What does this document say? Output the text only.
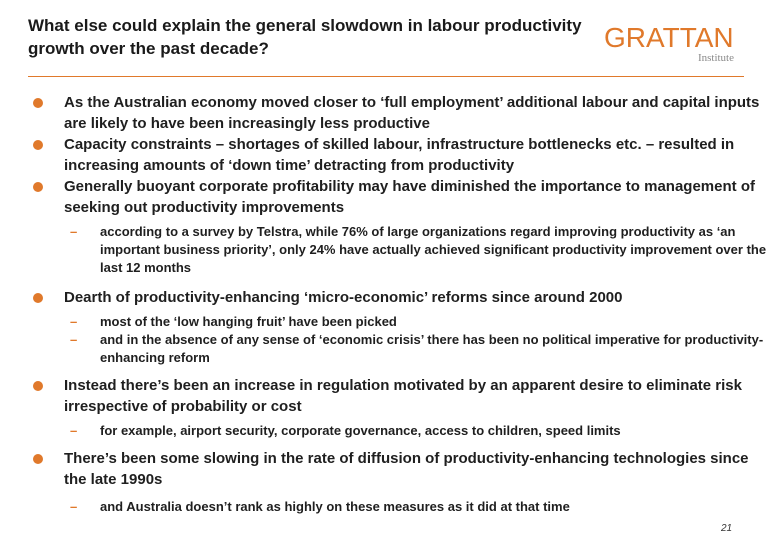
What else could explain the general slowdown in labour productivity growth over the past decade?	GRATTAN
Institute
As the Australian economy moved closer to ‘full employment’ additional labour and capital inputs are likely to have been increasingly less productive
Capacity constraints – shortages of skilled labour, infrastructure bottlenecks etc. – resulted in increasing amounts of ‘down time’ detracting from productivity
Generally buoyant corporate profitability may have diminished the importance to management of seeking out productivity improvements
– according to a survey by Telstra, while 76% of large organizations regard improving productivity as ‘an important business priority’, only 24% have actually achieved significant productivity improvement over the last 12 months
Dearth of productivity-enhancing ‘micro-economic’ reforms since around 2000
– most of the ‘low hanging fruit’ have been picked
– and in the absence of any sense of ‘economic crisis’ there has been no political imperative for productivity-enhancing reform
Instead there’s been an increase in regulation motivated by an apparent desire to eliminate risk irrespective of probability or cost
– for example, airport security, corporate governance, access to children, speed limits
There’s been some slowing in the rate of diffusion of productivity-enhancing technologies since the late 1990s
– and Australia doesn’t rank as highly on these measures as it did at that time
21
